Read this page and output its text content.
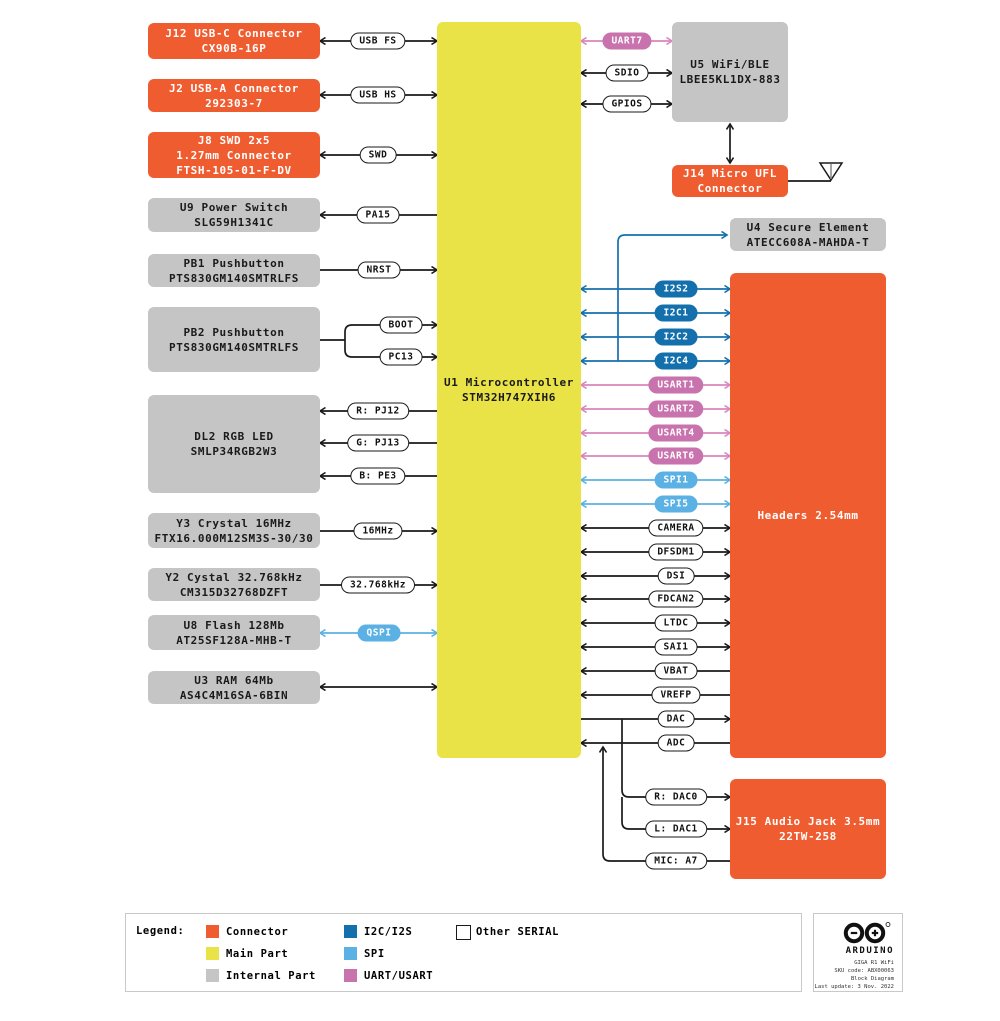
J12 USB-C Connector
CX90B-16P
J2 USB-A Connector
292303-7
J8 SWD 2x5
1.27mm Connector
FTSH-105-01-F-DV
U9 Power Switch
SLG59H1341C
PB1 Pushbutton
PTS830GM140SMTRLFS
PB2 Pushbutton
PTS830GM140SMTRLFS
DL2 RGB LED
SMLP34RGB2W3
Y3 Crystal 16MHz
FTX16.000M12SM3S-30/30
Y2 Cystal 32.768kHz
CM315D32768DZFT
U8 Flash 128Mb
AT25SF128A-MHB-T
U3 RAM 64Mb
AS4C4M16SA-6BIN
U1 Microcontroller
STM32H747XIH6
U5 WiFi/BLE
LBEE5KL1DX-883
J14 Micro UFL
Connector
U4 Secure Element
ATECC608A-MAHDA-T
Headers 2.54mm
J15 Audio Jack 3.5mm
22TW-258
USB FS
USB HS
SWD
PA15
NRST
BOOT
PC13
R: PJ12
G: PJ13
B: PE3
16MHz
32.768kHz
QSPI
UART7
SDIO
GPIOS
I2S2
I2C1
I2C2
I2C4
USART1
USART2
USART4
USART6
SPI1
SPI5
CAMERA
DFSDM1
DSI
FDCAN2
LTDC
SAI1
VBAT
VREFP
DAC
ADC
R: DAC0
L: DAC1
MIC: A7
Legend:	Connector
Main Part
Internal Part
I2C/I2S
SPI
UART/USART
Other SERIAL
ARDUINO
GIGA R1 WiFi
SKU code: ABX00063
Block Diagram
Last update: 3 Nov. 2022
